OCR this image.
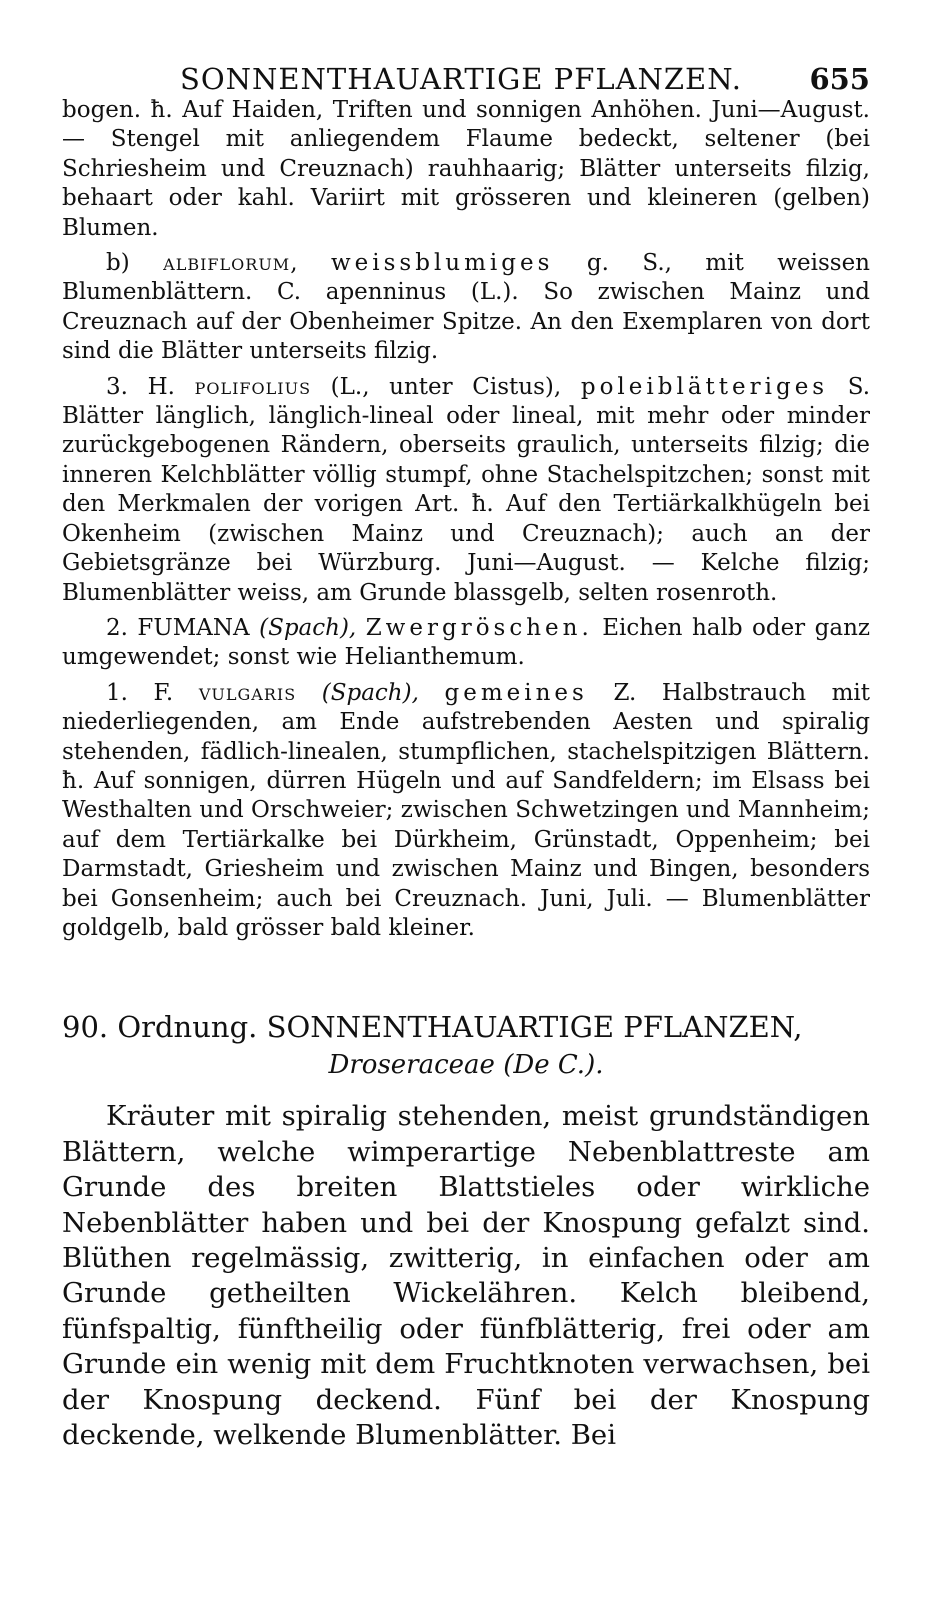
SONNENTHAUARTIGE PFLANZEN. 655

bogen. ħ. Auf Haiden, Triften und sonnigen Anhöhen. Juni—August. — Stengel mit anliegendem Flaume bedeckt, seltener (bei Schriesheim und Creuznach) rauhhaarig; Blätter unterseits filzig, behaart oder kahl. Variirt mit grösseren und kleineren (gelben) Blumen.

b) albiflorum, weissblumiges g. S., mit weissen Blumenblättern. C. apenninus (L.). So zwischen Mainz und Creuznach auf der Obenheimer Spitze. An den Exemplaren von dort sind die Blätter unterseits filzig.

3. H. polifolius (L., unter Cistus), poleiblätteriges S. Blätter länglich, länglich-lineal oder lineal, mit mehr oder minder zurückgebogenen Rändern, oberseits graulich, unterseits filzig; die inneren Kelchblätter völlig stumpf, ohne Stachelspitzchen; sonst mit den Merkmalen der vorigen Art. ħ. Auf den Tertiärkalkhügeln bei Okenheim (zwischen Mainz und Creuznach); auch an der Gebietsgränze bei Würzburg. Juni—August. — Kelche filzig; Blumenblätter weiss, am Grunde blassgelb, selten rosenroth.

2. FUMANA (Spach), Zwergröschen. Eichen halb oder ganz umgewendet; sonst wie Helianthemum.

1. F. vulgaris (Spach), gemeines Z. Halbstrauch mit niederliegenden, am Ende aufstrebenden Aesten und spiralig stehenden, fädlich-linealen, stumpflichen, stachelspitzigen Blättern. ħ. Auf sonnigen, dürren Hügeln und auf Sandfeldern; im Elsass bei Westhalten und Orschweier; zwischen Schwetzingen und Mannheim; auf dem Tertiärkalke bei Dürkheim, Grünstadt, Oppenheim; bei Darmstadt, Griesheim und zwischen Mainz und Bingen, besonders bei Gonsenheim; auch bei Creuznach. Juni, Juli. — Blumenblätter goldgelb, bald grösser bald kleiner.

90. Ordnung. SONNENTHAUARTIGE PFLANZEN,

Droseraceae (De C.).

Kräuter mit spiralig stehenden, meist grundständigen Blättern, welche wimperartige Nebenblattreste am Grunde des breiten Blattstieles oder wirkliche Nebenblätter haben und bei der Knospung gefalzt sind. Blüthen regelmässig, zwitterig, in einfachen oder am Grunde getheilten Wickelähren. Kelch bleibend, fünfspaltig, fünftheilig oder fünfblätterig, frei oder am Grunde ein wenig mit dem Fruchtknoten verwachsen, bei der Knospung deckend. Fünf bei der Knospung deckende, welkende Blumenblätter. Bei
